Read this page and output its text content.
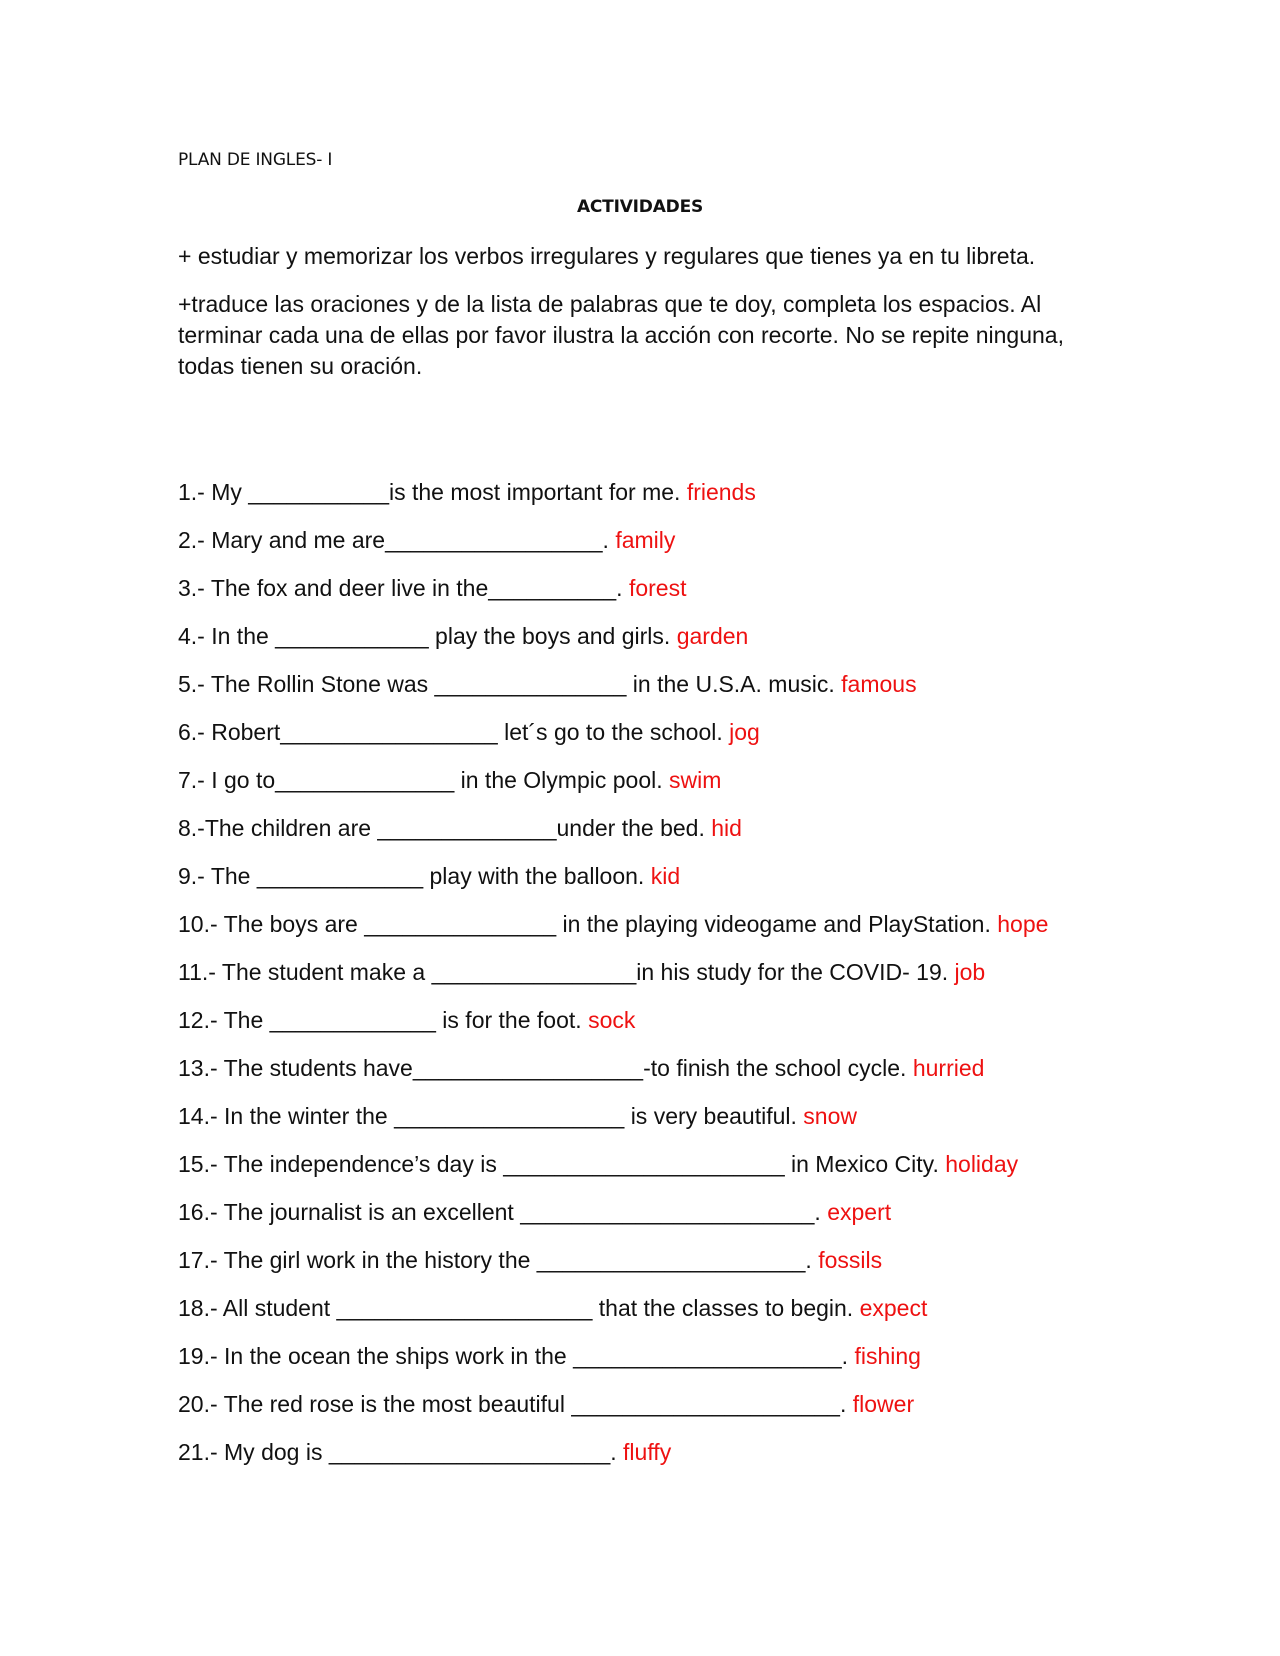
PLAN DE INGLES- I
ACTIVIDADES

+ estudiar y memorizar los verbos irregulares y regulares que tienes ya en tu libreta.

+traduce las oraciones y de la lista de palabras que te doy, completa los espacios. Al terminar cada una de ellas por favor ilustra la acción con recorte. No se repite ninguna, todas tienen su oración.

1.- My ___________is the most important for me. friends
2.- Mary and me are_________________. family
3.- The fox and deer live in the__________. forest
4.- In the ____________ play the boys and girls. garden
5.- The Rollin Stone was _______________ in the U.S.A. music. famous
6.- Robert_________________ let´s go to the school. jog
7.- I go to______________ in the Olympic pool. swim
8.-The children are ______________under the bed. hid
9.- The _____________ play with the balloon. kid
10.- The boys are _______________ in the playing videogame and PlayStation. hope
11.- The student make a ________________in his study for the COVID- 19. job
12.- The _____________ is for the foot. sock
13.- The students have__________________-to finish the school cycle. hurried
14.- In the winter the __________________ is very beautiful. snow
15.- The independence’s day is ______________________ in Mexico City. holiday
16.- The journalist is an excellent _______________________. expert
17.- The girl work in the history the _____________________. fossils
18.- All student ____________________ that the classes to begin. expect
19.- In the ocean the ships work in the _____________________. fishing
20.- The red rose is the most beautiful _____________________. flower
21.- My dog is ______________________. fluffy
